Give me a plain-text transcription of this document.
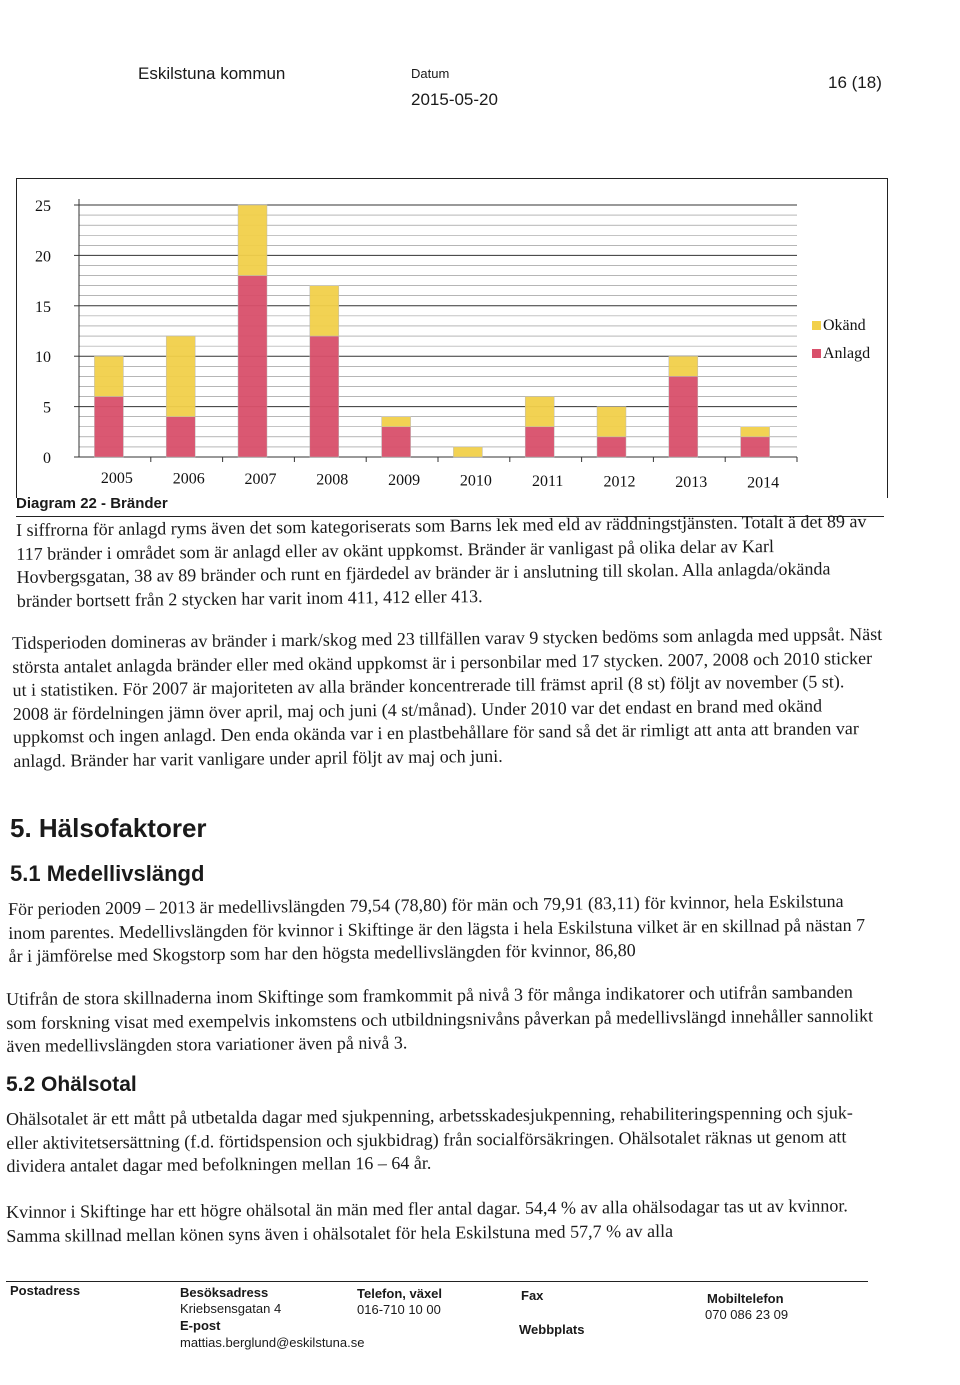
Eskilstuna kommun	Datum
2015-05-20
16 (18)
0
5
10
15
20
25
2005 2006 2007 2008 2009 2010	2011	2012 2013 2014
Okänd
Anlagd
Diagram 22 - Bränder

I siffrorna för anlagd ryms även det som kategoriserats som Barns lek med eld av räddningstjänsten. Totalt ä det 89 av 117 bränder i området som är anlagd eller av okänt uppkomst. Bränder är vanligast på olika delar av Karl Hovbergsgatan, 38 av 89 bränder och runt en fjärdedel av bränder är i anslutning till skolan. Alla anlagda/okända bränder bortsett från 2 stycken har varit inom 411, 412 eller 413.

Tidsperioden domineras av bränder i mark/skog med 23 tillfällen varav 9 stycken bedöms som anlagda med uppsåt. Näst största antalet anlagda bränder eller med okänd uppkomst är i personbilar med 17 stycken. 2007, 2008 och 2010 sticker ut i statistiken. För 2007 är majoriteten av alla bränder koncentrerade till främst april (8 st) följt av november (5 st). 2008 är fördelningen jämn över april, maj och juni (4 st/månad). Under 2010 var det endast en brand med okänd uppkomst och ingen anlagd. Den enda okända var i en plastbehållare för sand så det är rimligt att anta att branden var anlagd. Bränder har varit vanligare under april följt av maj och juni.

5. Hälsofaktorer
5.1 Medellivslängd

För perioden 2009 – 2013 är medellivslängden 79,54 (78,80) för män och 79,91 (83,11) för kvinnor, hela Eskilstuna inom parentes. Medellivslängden för kvinnor i Skiftinge är den lägsta i hela Eskilstuna vilket är en skillnad på nästan 7 år i jämförelse med Skogstorp som har den högsta medellivslängden för kvinnor, 86,80

Utifrån de stora skillnaderna inom Skiftinge som framkommit på nivå 3 för många indikatorer och utifrån sambanden som forskning visat med exempelvis inkomstens och utbildningsnivåns påverkan på medellivslängd innehåller sannolikt även medellivslängden stora variationer även på nivå 3.

5.2 Ohälsotal

Ohälsotalet är ett mått på utbetalda dagar med sjukpenning, arbetsskadesjukpenning, rehabiliteringspenning och sjuk- eller aktivitetsersättning (f.d. förtidspension och sjukbidrag) från socialförsäkringen. Ohälsotalet räknas ut genom att dividera antalet dagar med befolkningen mellan 16 – 64 år.

Kvinnor i Skiftinge har ett högre ohälsotal än män med fler antal dagar. 54,4 % av alla ohälsodagar tas ut av kvinnor. Samma skillnad mellan könen syns även i ohälsotalet för hela Eskilstuna med 57,7 % av alla

Postadress	Besöksadress
Kriebsensgatan 4
E-post
mattias.berglund@eskilstuna.se
Telefon, växel
016-710 10 00
Fax
Webbplats
Mobiltelefon
070 086 23 09
